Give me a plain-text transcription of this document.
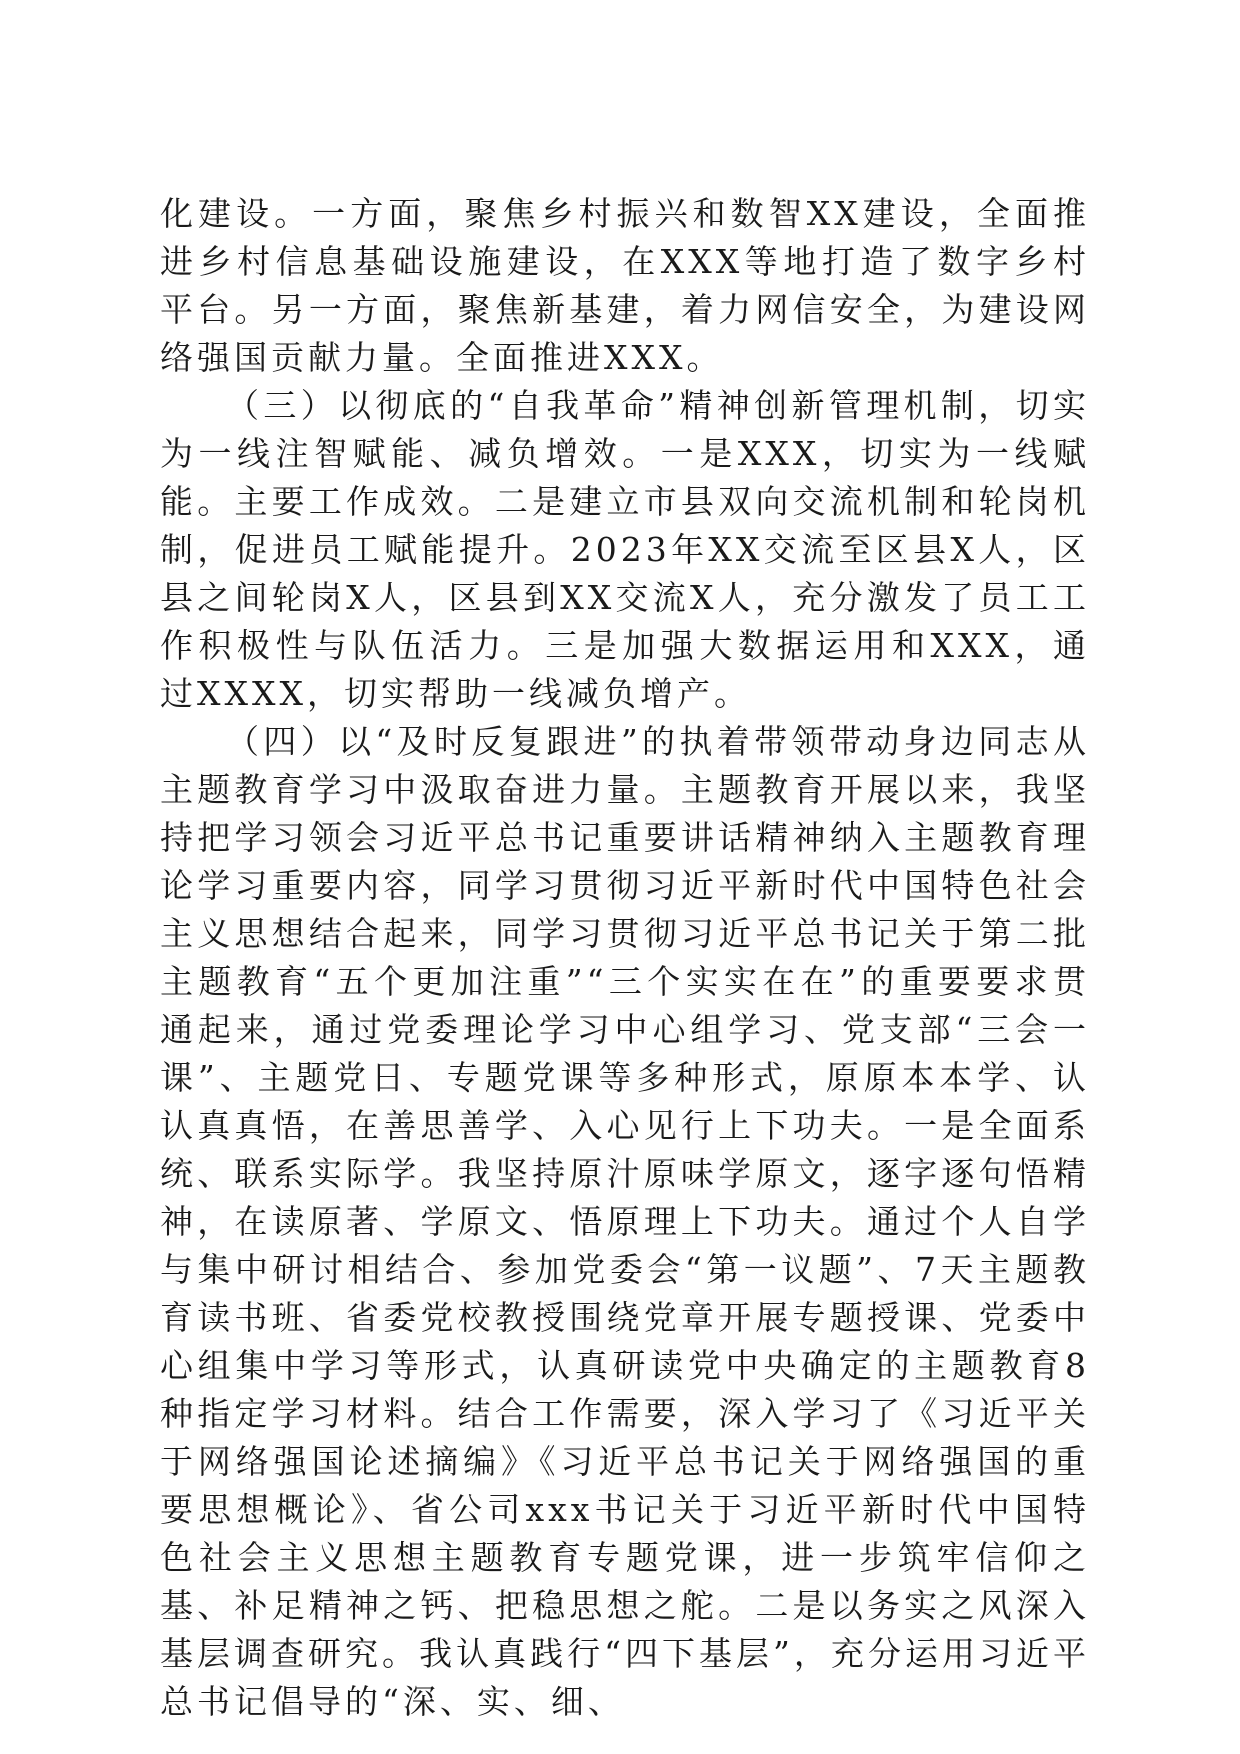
化建设。一方面，聚焦乡村振兴和数智XX建设，全面推进乡村信息基础设施建设，在XXX等地打造了数字乡村平台。另一方面，聚焦新基建，着力网信安全，为建设网络强国贡献力量。全面推进XXX。

（三）以彻底的“自我革命”精神创新管理机制，切实为一线注智赋能、减负增效。一是XXX，切实为一线赋能。主要工作成效。二是建立市县双向交流机制和轮岗机制，促进员工赋能提升。2023年XX交流至区县X人，区县之间轮岗X人，区县到XX交流X人，充分激发了员工工作积极性与队伍活力。三是加强大数据运用和XXX，通过XXXX，切实帮助一线减负增产。

（四）以“及时反复跟进”的执着带领带动身边同志从主题教育学习中汲取奋进力量。主题教育开展以来，我坚持把学习领会习近平总书记重要讲话精神纳入主题教育理论学习重要内容，同学习贯彻习近平新时代中国特色社会主义思想结合起来，同学习贯彻习近平总书记关于第二批主题教育“五个更加注重”“三个实实在在”的重要要求贯通起来，通过党委理论学习中心组学习、党支部“三会一课”、主题党日、专题党课等多种形式，原原本本学、认认真真悟，在善思善学、入心见行上下功夫。一是全面系统、联系实际学。我坚持原汁原味学原文，逐字逐句悟精神，在读原著、学原文、悟原理上下功夫。通过个人自学与集中研讨相结合、参加党委会“第一议题”、7天主题教育读书班、省委党校教授围绕党章开展专题授课、党委中心组集中学习等形式，认真研读党中央确定的主题教育8种指定学习材料。结合工作需要，深入学习了《习近平关于网络强国论述摘编》《习近平总书记关于网络强国的重要思想概论》、省公司xxx书记关于习近平新时代中国特色社会主义思想主题教育专题党课，进一步筑牢信仰之基、补足精神之钙、把稳思想之舵。二是以务实之风深入基层调查研究。我认真践行“四下基层”，充分运用习近平总书记倡导的“深、实、细、
